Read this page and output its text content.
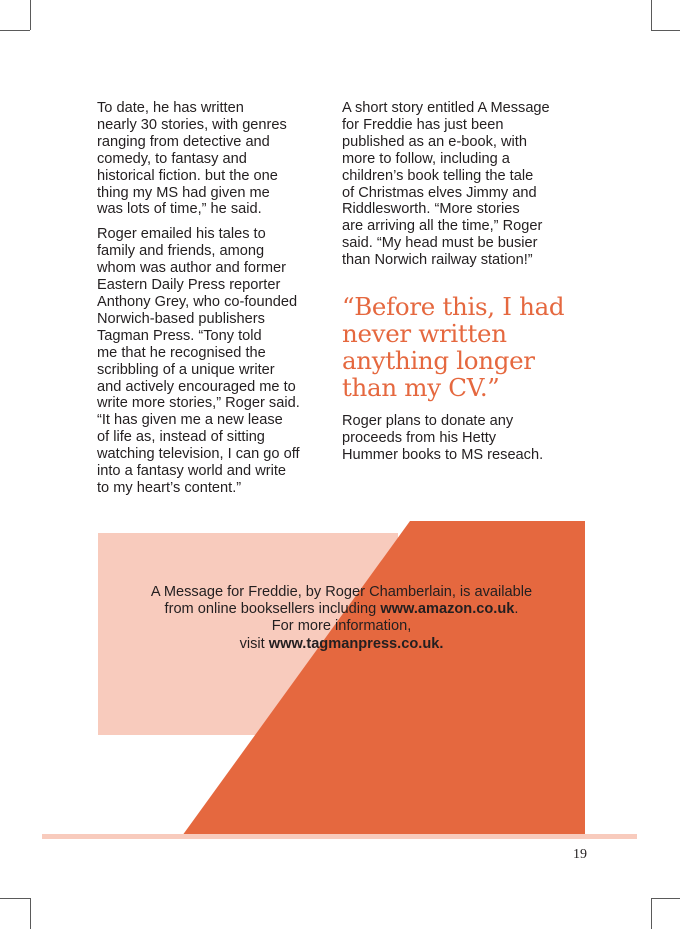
To date, he has written
nearly 30 stories, with genres
ranging from detective and
comedy, to fantasy and
historical fiction. but the one
thing my MS had given me
was lots of time,” he said.

Roger emailed his tales to
family and friends, among
whom was author and former
Eastern Daily Press reporter
Anthony Grey, who co-founded
Norwich-based publishers
Tagman Press. “Tony told
me that he recognised the
scribbling of a unique writer
and actively encouraged me to
write more stories,” Roger said.
“It has given me a new lease
of life as, instead of sitting
watching television, I can go off
into a fantasy world and write
to my heart’s content.”

A short story entitled A Message
for Freddie has just been
published as an e-book, with
more to follow, including a
children’s book telling the tale
of Christmas elves Jimmy and
Riddlesworth. “More stories
are arriving all the time,” Roger
said. “My head must be busier
than Norwich railway station!”

“Before this, I had
never written
anything longer
than my CV.”

Roger plans to donate any
proceeds from his Hetty
Hummer books to MS reseach.

A Message for Freddie, by Roger Chamberlain, is available
from online booksellers including www.amazon.co.uk.
For more information,
visit www.tagmanpress.co.uk.
19
